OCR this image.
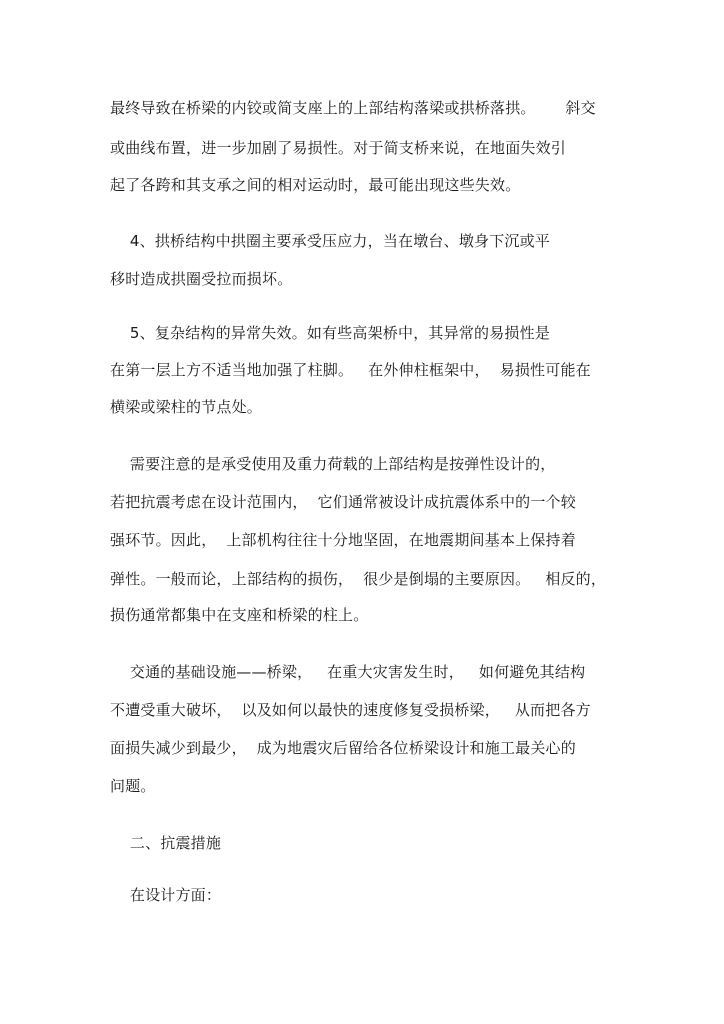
最终导致在桥梁的内铰或简支座上的上部结构落梁或拱桥落拱。      斜交
或曲线布置，进一步加剧了易损性。对于简支桥来说，在地面失效引
起了各跨和其支承之间的相对运动时，最可能出现这些失效。
4、拱桥结构中拱圈主要承受压应力，当在墩台、墩身下沉或平
移时造成拱圈受拉而损坏。
5、复杂结构的异常失效。如有些高架桥中，其异常的易损性是
在第一层上方不适当地加强了柱脚。   在外伸柱框架中，  易损性可能在
横梁或梁柱的节点处。
需要注意的是承受使用及重力荷载的上部结构是按弹性设计的，
若把抗震考虑在设计范围内，  它们通常被设计成抗震体系中的一个较
强环节。因此，  上部机构往往十分地坚固，在地震期间基本上保持着
弹性。一般而论，上部结构的损伤，  很少是倒塌的主要原因。   相反的，
损伤通常都集中在支座和桥梁的柱上。
交通的基础设施——桥梁，   在重大灾害发生时，   如何避免其结构
不遭受重大破坏，  以及如何以最快的速度修复受损桥梁，   从而把各方
面损失减少到最少，  成为地震灾后留给各位桥梁设计和施工最关心的
问题。
二、抗震措施
在设计方面：
